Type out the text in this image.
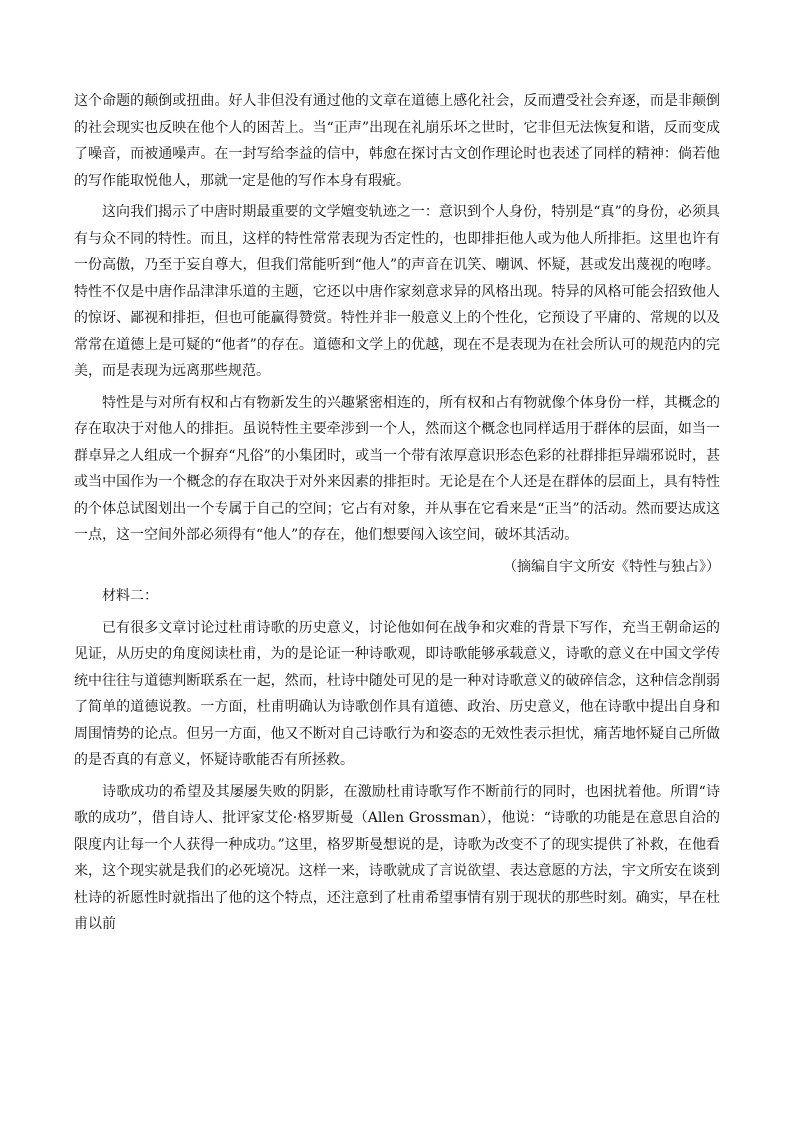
这个命题的颠倒或扭曲。好人非但没有通过他的文章在道德上感化社会，反而遭受社会弃逐，而是非颠倒的社会现实也反映在他个人的困苦上。当“正声”出现在礼崩乐坏之世时，它非但无法恢复和谐，反而变成了噪音，而被通噪声。在一封写给李益的信中，韩愈在探讨古文创作理论时也表述了同样的精神：倘若他的写作能取悦他人，那就一定是他的写作本身有瑕疵。

这向我们揭示了中唐时期最重要的文学嬗变轨迹之一：意识到个人身份，特别是“真”的身份，必须具有与众不同的特性。而且，这样的特性常常表现为否定性的，也即排拒他人或为他人所排拒。这里也许有一份高傲，乃至于妄自尊大，但我们常能听到“他人”的声音在讥笑、嘲讽、怀疑，甚或发出蔑视的咆哮。特性不仅是中唐作品津津乐道的主题，它还以中唐作家刻意求异的风格出现。特异的风格可能会招致他人的惊讶、鄙视和排拒，但也可能赢得赞赏。特性并非一般意义上的个性化，它预设了平庸的、常规的以及常常在道德上是可疑的“他者”的存在。道德和文学上的优越，现在不是表现为在社会所认可的规范内的完美，而是表现为远离那些规范。

特性是与对所有权和占有物新发生的兴趣紧密相连的，所有权和占有物就像个体身份一样，其概念的存在取决于对他人的排拒。虽说特性主要牵涉到一个人，然而这个概念也同样适用于群体的层面，如当一群卓异之人组成一个摒弃“凡俗”的小集团时，或当一个带有浓厚意识形态色彩的社群排拒异端邪说时，甚或当中国作为一个概念的存在取决于对外来因素的排拒时。无论是在个人还是在群体的层面上，具有特性的个体总试图划出一个专属于自己的空间；它占有对象，并从事在它看来是“正当”的活动。然而要达成这一点，这一空间外部必须得有“他人”的存在，他们想要闯入该空间，破坏其活动。

（摘编自宇文所安《特性与独占》）

材料二：

已有很多文章讨论过杜甫诗歌的历史意义，讨论他如何在战争和灾难的背景下写作，充当王朝命运的见证，从历史的角度阅读杜甫，为的是论证一种诗歌观，即诗歌能够承载意义，诗歌的意义在中国文学传统中往往与道德判断联系在一起，然而，杜诗中随处可见的是一种对诗歌意义的破碎信念，这种信念削弱了简单的道德说教。一方面，杜甫明确认为诗歌创作具有道德、政治、历史意义，他在诗歌中提出自身和周围情势的论点。但另一方面，他又不断对自己诗歌行为和姿态的无效性表示担忧，痛苦地怀疑自己所做的是否真的有意义，怀疑诗歌能否有所拯救。

诗歌成功的希望及其屡屡失败的阴影，在激励杜甫诗歌写作不断前行的同时，也困扰着他。所谓“诗歌的成功”，借自诗人、批评家艾伦·格罗斯曼（Allen Grossman），他说：“诗歌的功能是在意思自洽的限度内让每一个人获得一种成功。”这里，格罗斯曼想说的是，诗歌为改变不了的现实提供了补救，在他看来，这个现实就是我们的必死境况。这样一来，诗歌就成了言说欲望、表达意愿的方法，宇文所安在谈到杜诗的祈愿性时就指出了他的这个特点，还注意到了杜甫希望事情有别于现状的那些时刻。确实，早在杜甫以前
